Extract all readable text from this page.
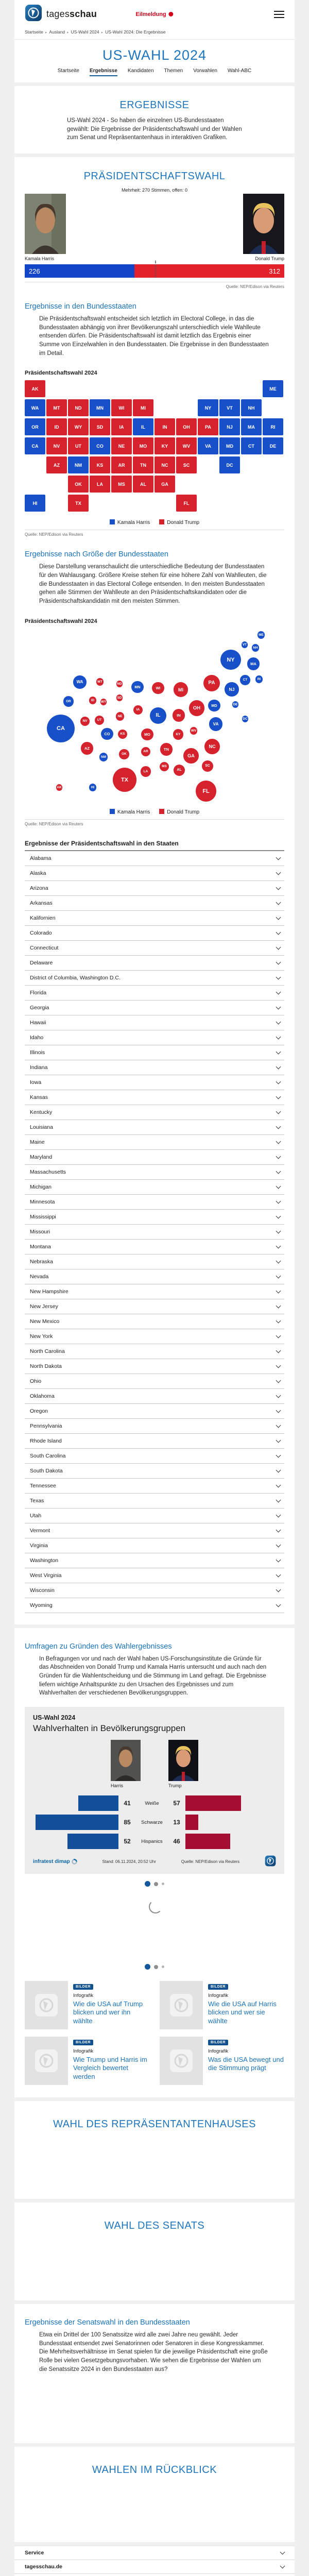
tagesschau	Eilmeldung
Startseite ▸ Ausland ▸ US-Wahl 2024 ▸ US-Wahl 2024: Die Ergebnisse
US-WAHL 2024
Startseite Ergebnisse Kandidaten Themen Vorwahlen Wahl-ABC
ERGEBNISSE
US-Wahl 2024 - So haben die einzelnen US-Bundesstaaten gewählt: Die Ergebnisse der Präsidentschaftswahl und der Wahlen zum Senat und Repräsentantenhaus in interaktiven Grafiken.
PRÄSIDENTSCHAFTSWAHL
Mehrheit: 270 Stimmen, offen: 0
Kamala Harris	Donald Trump
226	312
Quelle: NEP/Edison via Reuters
Ergebnisse in den Bundesstaaten
Die Präsidentschaftswahl entscheidet sich letztlich im Electoral College, in das die Bundesstaaten abhängig von ihrer Bevölkerungszahl unterschiedlich viele Wahlleute entsenden dürfen. Die Präsidentschaftswahl ist damit letztlich das Ergebnis einer Summe von Einzelwahlen in den Bundesstaaten. Die Ergebnisse in den Bundesstaaten im Detail.
Präsidentschaftswahl 2024
AK	ME
WA	MT	ND	MN	WI	MI	NY	VT	NH
OR	ID	WY	SD	IA	IL	IN	OH	PA	NJ	MA	RI
CA	NV	UT	CO	NE	MO	KY	WV	VA	MD	CT	DE
AZ	NM	KS	AR	TN	NC	SC	DC
OK	LA	MS	AL	GA
HI	TX	FL
Kamala Harris	Donald Trump
Quelle: NEP/Edison via Reuters
Ergebnisse nach Größe der Bundesstaaten
Diese Darstellung veranschaulicht die unterschiedliche Bedeutung der Bundesstaaten für den Wahlausgang. Größere Kreise stehen für eine höhere Zahl von Wahlleuten, die die Bundesstaaten in das Electoral College entsenden. In den meisten Bundesstaaten gehen alle Stimmen der Wahlleute an den Präsidentschaftskandidaten oder die Präsidentschaftskandidatin mit den meisten Stimmen.
Präsidentschaftswahl 2024
ME
VT
NH
MA
NY
CT	RI
NJ
PA
MD	DE
DC
VA
WA
OR
CA
MT
ID
NV	UT
AZ
NM
CO
WY
ND
SD
NE
KS
OK
TX
MN
IA
MO
AR
LA
WI
IL
MS
TN
KY
IN
MI
OH
AL
GA
WV
NC
SC
FL
AK	HI
Kamala Harris	Donald Trump
Quelle: NEP/Edison via Reuters
Ergebnisse der Präsidentschaftswahl in den Staaten
Alabama
Alaska
Arizona
Arkansas
Kalifornien
Colorado
Connecticut
Delaware
District of Columbia, Washington D.C.
Florida
Georgia
Hawaii
Idaho
Illinois
Indiana
Iowa
Kansas
Kentucky
Louisiana
Maine
Maryland
Massachusetts
Michigan
Minnesota
Mississippi
Missouri
Montana
Nebraska
Nevada
New Hampshire
New Jersey
New Mexico
New York
North Carolina
North Dakota
Ohio
Oklahoma
Oregon
Pennsylvania
Rhode Island
South Carolina
South Dakota
Tennessee
Texas
Utah
Vermont
Virginia
Washington
West Virginia
Wisconsin
Wyoming
Umfragen zu Gründen des Wahlergebnisses
In Befragungen vor und nach der Wahl haben US-Forschungsinstitute die Gründe für das Abschneiden von Donald Trump und Kamala Harris untersucht und auch nach den Gründen für die Wahlentscheidung und die Stimmung im Land gefragt. Die Ergebnisse liefern wichtige Anhaltspunkte zu den Ursachen des Ergebnisses und zum Wahlverhalten der verschiedenen Bevölkerungsgruppen.
US-Wahl 2024
Wahlverhalten in Bevölkerungsgruppen
Harris	Trump
41	Weiße	57
85	Schwarze	13
52	Hispanics	46
infratest dimap	Stand: 06.11.2024, 20:52 Uhr	Quelle: NEP/Edison via Reuters
BILDER
Infografik
Wie die USA auf Trump blicken und wer ihn wählte
BILDER
Infografik
Wie die USA auf Harris blicken und wer sie wählte
BILDER
Infografik
Wie Trump und Harris im Vergleich bewertet werden
BILDER
Infografik
Was die USA bewegt und die Stimmung prägt
WAHL DES REPRÄSENTANTENHAUSES
WAHL DES SENATS
Ergebnisse der Senatswahl in den Bundesstaaten
Etwa ein Drittel der 100 Senatssitze wird alle zwei Jahre neu gewählt. Jeder Bundesstaat entsendet zwei Senatorinnen oder Senatoren in diese Kongresskammer. Die Mehrheitsverhältnisse im Senat spielen für die jeweilige Präsidentschaft eine große Rolle bei vielen Gesetzgebungsvorhaben. Wie sehen die Ergebnisse der Wahlen um die Senatssitze 2024 in den Bundesstaaten aus?
WAHLEN IM RÜCKBLICK
Service
tagesschau.de
